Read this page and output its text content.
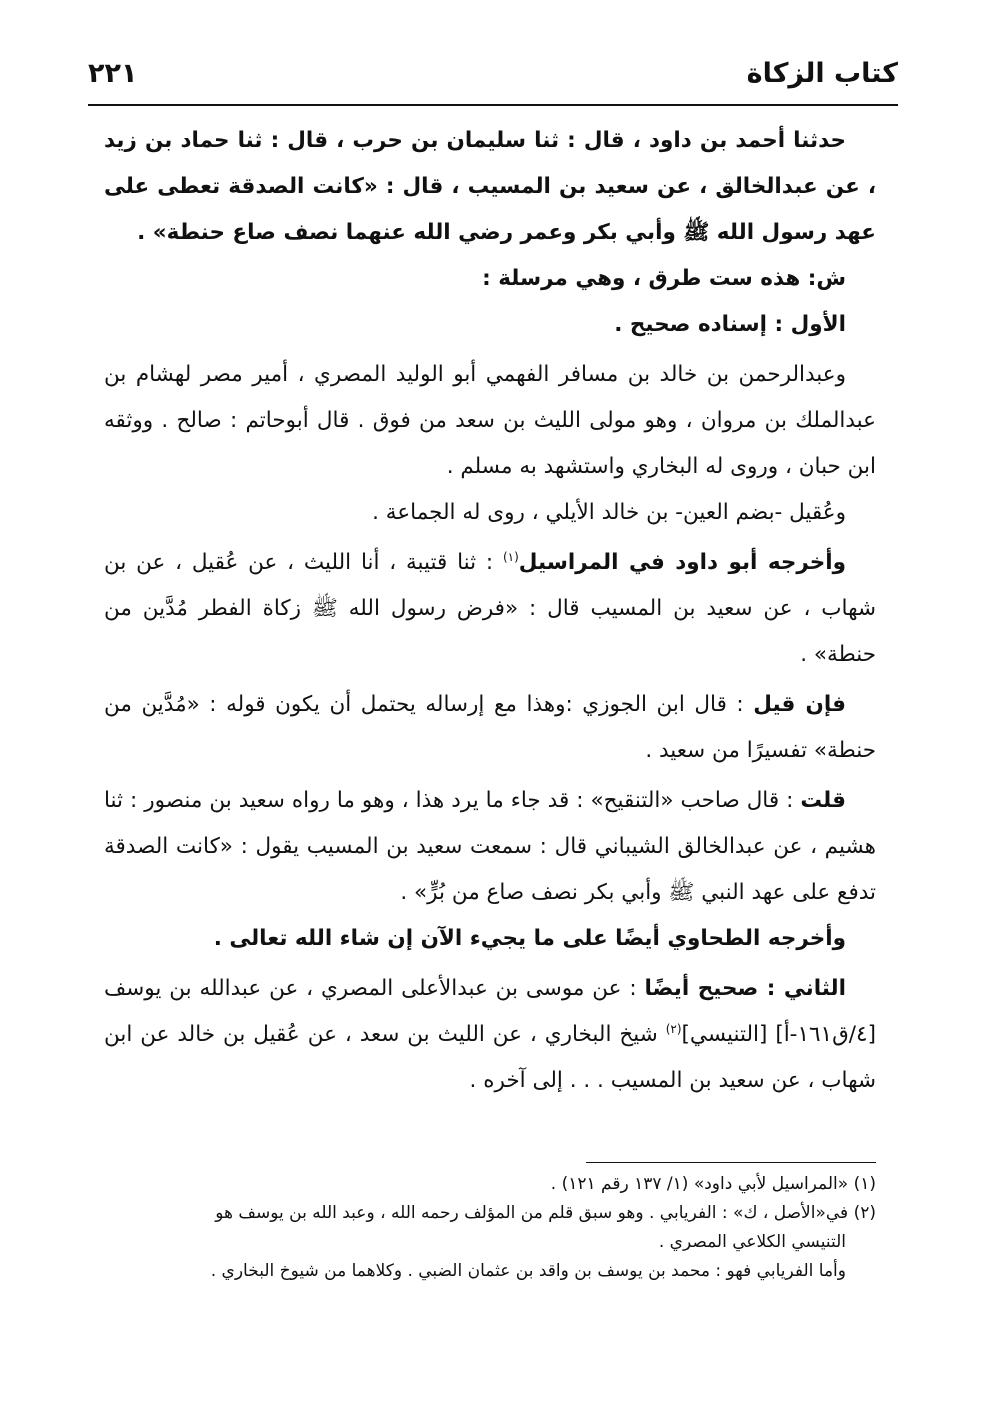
كتاب الزكاة
٢٢١

حدثنا أحمد بن داود ، قال : ثنا سليمان بن حرب ، قال : ثنا حماد بن زيد ، عن عبدالخالق ، عن سعيد بن المسيب ، قال : «كانت الصدقة تعطى على عهد رسول الله ﷺ وأبي بكر وعمر رضي الله عنهما نصف صاع حنطة» .

ش: هذه ست طرق ، وهي مرسلة :

الأول : إسناده صحيح .

وعبدالرحمن بن خالد بن مسافر الفهمي أبو الوليد المصري ، أمير مصر لهشام بن عبدالملك بن مروان ، وهو مولى الليث بن سعد من فوق . قال أبوحاتم : صالح . ووثقه ابن حبان ، وروى له البخاري واستشهد به مسلم .

وعُقيل -بضم العين- بن خالد الأيلي ، روى له الجماعة .

وأخرجه أبو داود في المراسيل$^{(١)}$ : ثنا قتيبة ، أنا الليث ، عن عُقيل ، عن بن شهاب ، عن سعيد بن المسيب قال : «فرض رسول الله ﷺ زكاة الفطر مُدَّين من حنطة» .

فإن قيل : قال ابن الجوزي :وهذا مع إرساله يحتمل أن يكون قوله : «مُدَّين من حنطة» تفسيرًا من سعيد .

قلت : قال صاحب «التنقيح» : قد جاء ما يرد هذا ، وهو ما رواه سعيد بن منصور : ثنا هشيم ، عن عبدالخالق الشيباني قال : سمعت سعيد بن المسيب يقول : «كانت الصدقة تدفع على عهد النبي ﷺ وأبي بكر نصف صاع من بُرٍّ» .

وأخرجه الطحاوي أيضًا على ما يجيء الآن إن شاء الله تعالى .

الثاني : صحيح أيضًا : عن موسى بن عبدالأعلى المصري ، عن عبدالله بن يوسف [٤/ق١٦١-أ] [التنيسي]$^{(٢)}$ شيخ البخاري ، عن الليث بن سعد ، عن عُقيل بن خالد عن ابن شهاب ، عن سعيد بن المسيب . . . إلى آخره .

(١) «المراسيل لأبي داود» (١/ ١٣٧ رقم ١٢١) .

(٢) في«الأصل ، ك» : الفريابي . وهو سبق قلم من المؤلف رحمه الله ، وعبد الله بن يوسف هو

التنيسي الكلاعي المصري .

وأما الفريابي فهو : محمد بن يوسف بن واقد بن عثمان الضبي . وكلاهما من شيوخ البخاري .
